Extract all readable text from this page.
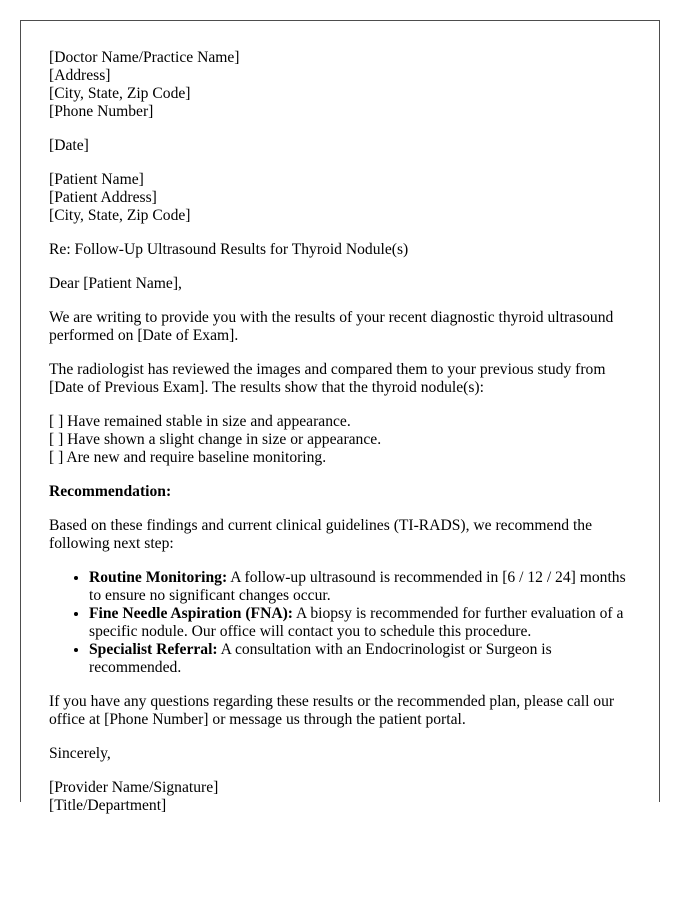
[Doctor Name/Practice Name]
[Address]
[City, State, Zip Code]
[Phone Number]

[Date]

[Patient Name]
[Patient Address]
[City, State, Zip Code]

Re: Follow-Up Ultrasound Results for Thyroid Nodule(s)

Dear [Patient Name],

We are writing to provide you with the results of your recent diagnostic thyroid ultrasound performed on [Date of Exam].

The radiologist has reviewed the images and compared them to your previous study from [Date of Previous Exam]. The results show that the thyroid nodule(s):

[ ] Have remained stable in size and appearance.
[ ] Have shown a slight change in size or appearance.
[ ] Are new and require baseline monitoring.

Recommendation:

Based on these findings and current clinical guidelines (TI-RADS), we recommend the following next step:

• Routine Monitoring: A follow-up ultrasound is recommended in [6 / 12 / 24] months to ensure no significant changes occur.
• Fine Needle Aspiration (FNA): A biopsy is recommended for further evaluation of a specific nodule. Our office will contact you to schedule this procedure.
• Specialist Referral: A consultation with an Endocrinologist or Surgeon is recommended.

If you have any questions regarding these results or the recommended plan, please call our office at [Phone Number] or message us through the patient portal.

Sincerely,

[Provider Name/Signature]
[Title/Department]
